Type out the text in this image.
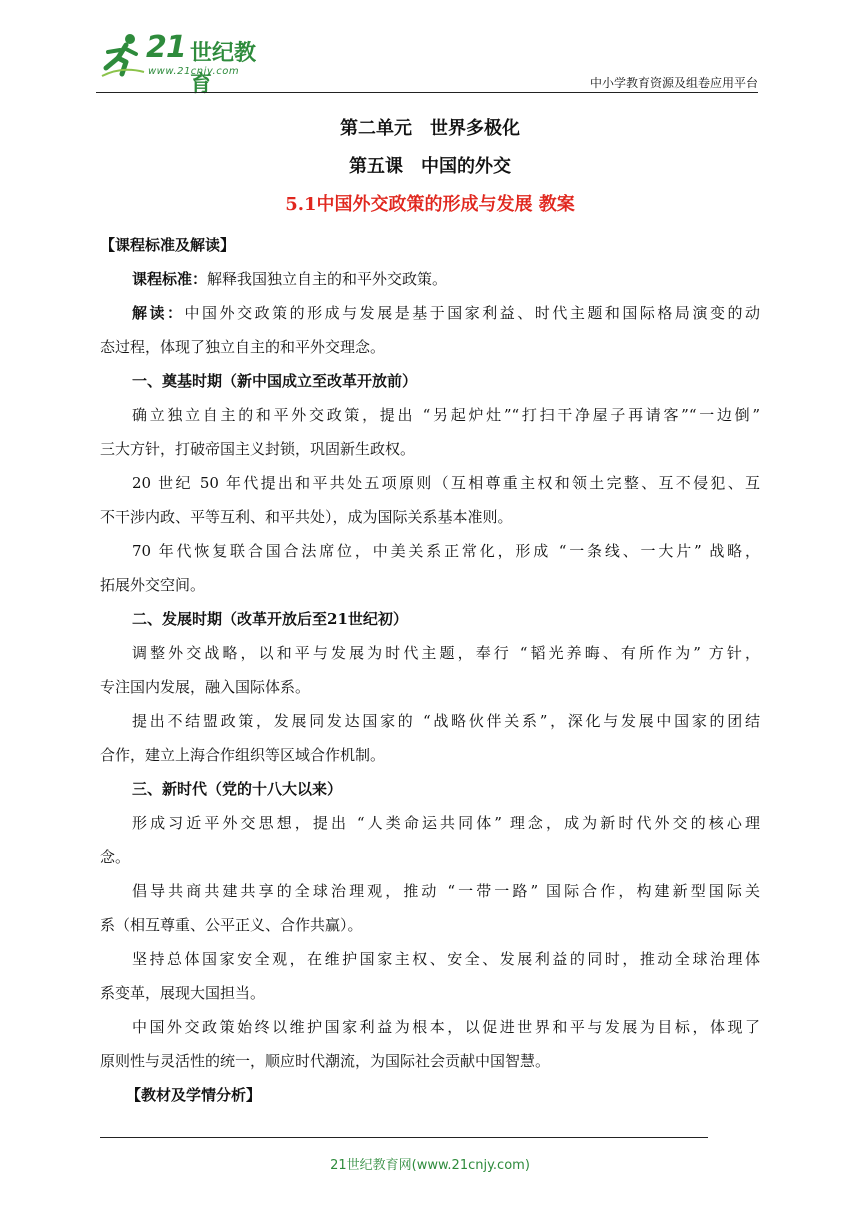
21 世纪教育
www.21cnjy.com
中小学教育资源及组卷应用平台
第二单元　世界多极化
第五课　中国的外交
5.1中国外交政策的形成与发展 教案
【课程标准及解读】
课程标准：解释我国独立自主的和平外交政策。
解读：中国外交政策的形成与发展是基于国家利益、时代主题和国际格局演变的动
态过程，体现了独立自主的和平外交理念。
一、奠基时期（新中国成立至改革开放前）
确立独立自主的和平外交政策，提出 “另起炉灶”“打扫干净屋子再请客”“一边倒”
三大方针，打破帝国主义封锁，巩固新生政权。
20 世纪 50 年代提出和平共处五项原则（互相尊重主权和领土完整、互不侵犯、互
不干涉内政、平等互利、和平共处），成为国际关系基本准则。
70 年代恢复联合国合法席位，中美关系正常化，形成 “一条线、一大片” 战略，
拓展外交空间。
二、发展时期（改革开放后至21世纪初）
调整外交战略，以和平与发展为时代主题，奉行 “韬光养晦、有所作为” 方针，
专注国内发展，融入国际体系。
提出不结盟政策，发展同发达国家的 “战略伙伴关系”，深化与发展中国家的团结
合作，建立上海合作组织等区域合作机制。
三、新时代（党的十八大以来）
形成习近平外交思想，提出 “人类命运共同体” 理念，成为新时代外交的核心理
念。
倡导共商共建共享的全球治理观，推动 “一带一路” 国际合作，构建新型国际关
系（相互尊重、公平正义、合作共赢）。
坚持总体国家安全观，在维护国家主权、安全、发展利益的同时，推动全球治理体
系变革，展现大国担当。
中国外交政策始终以维护国家利益为根本，以促进世界和平与发展为目标，体现了
原则性与灵活性的统一，顺应时代潮流，为国际社会贡献中国智慧。
【教材及学情分析】
21世纪教育网(www.21cnjy.com)
